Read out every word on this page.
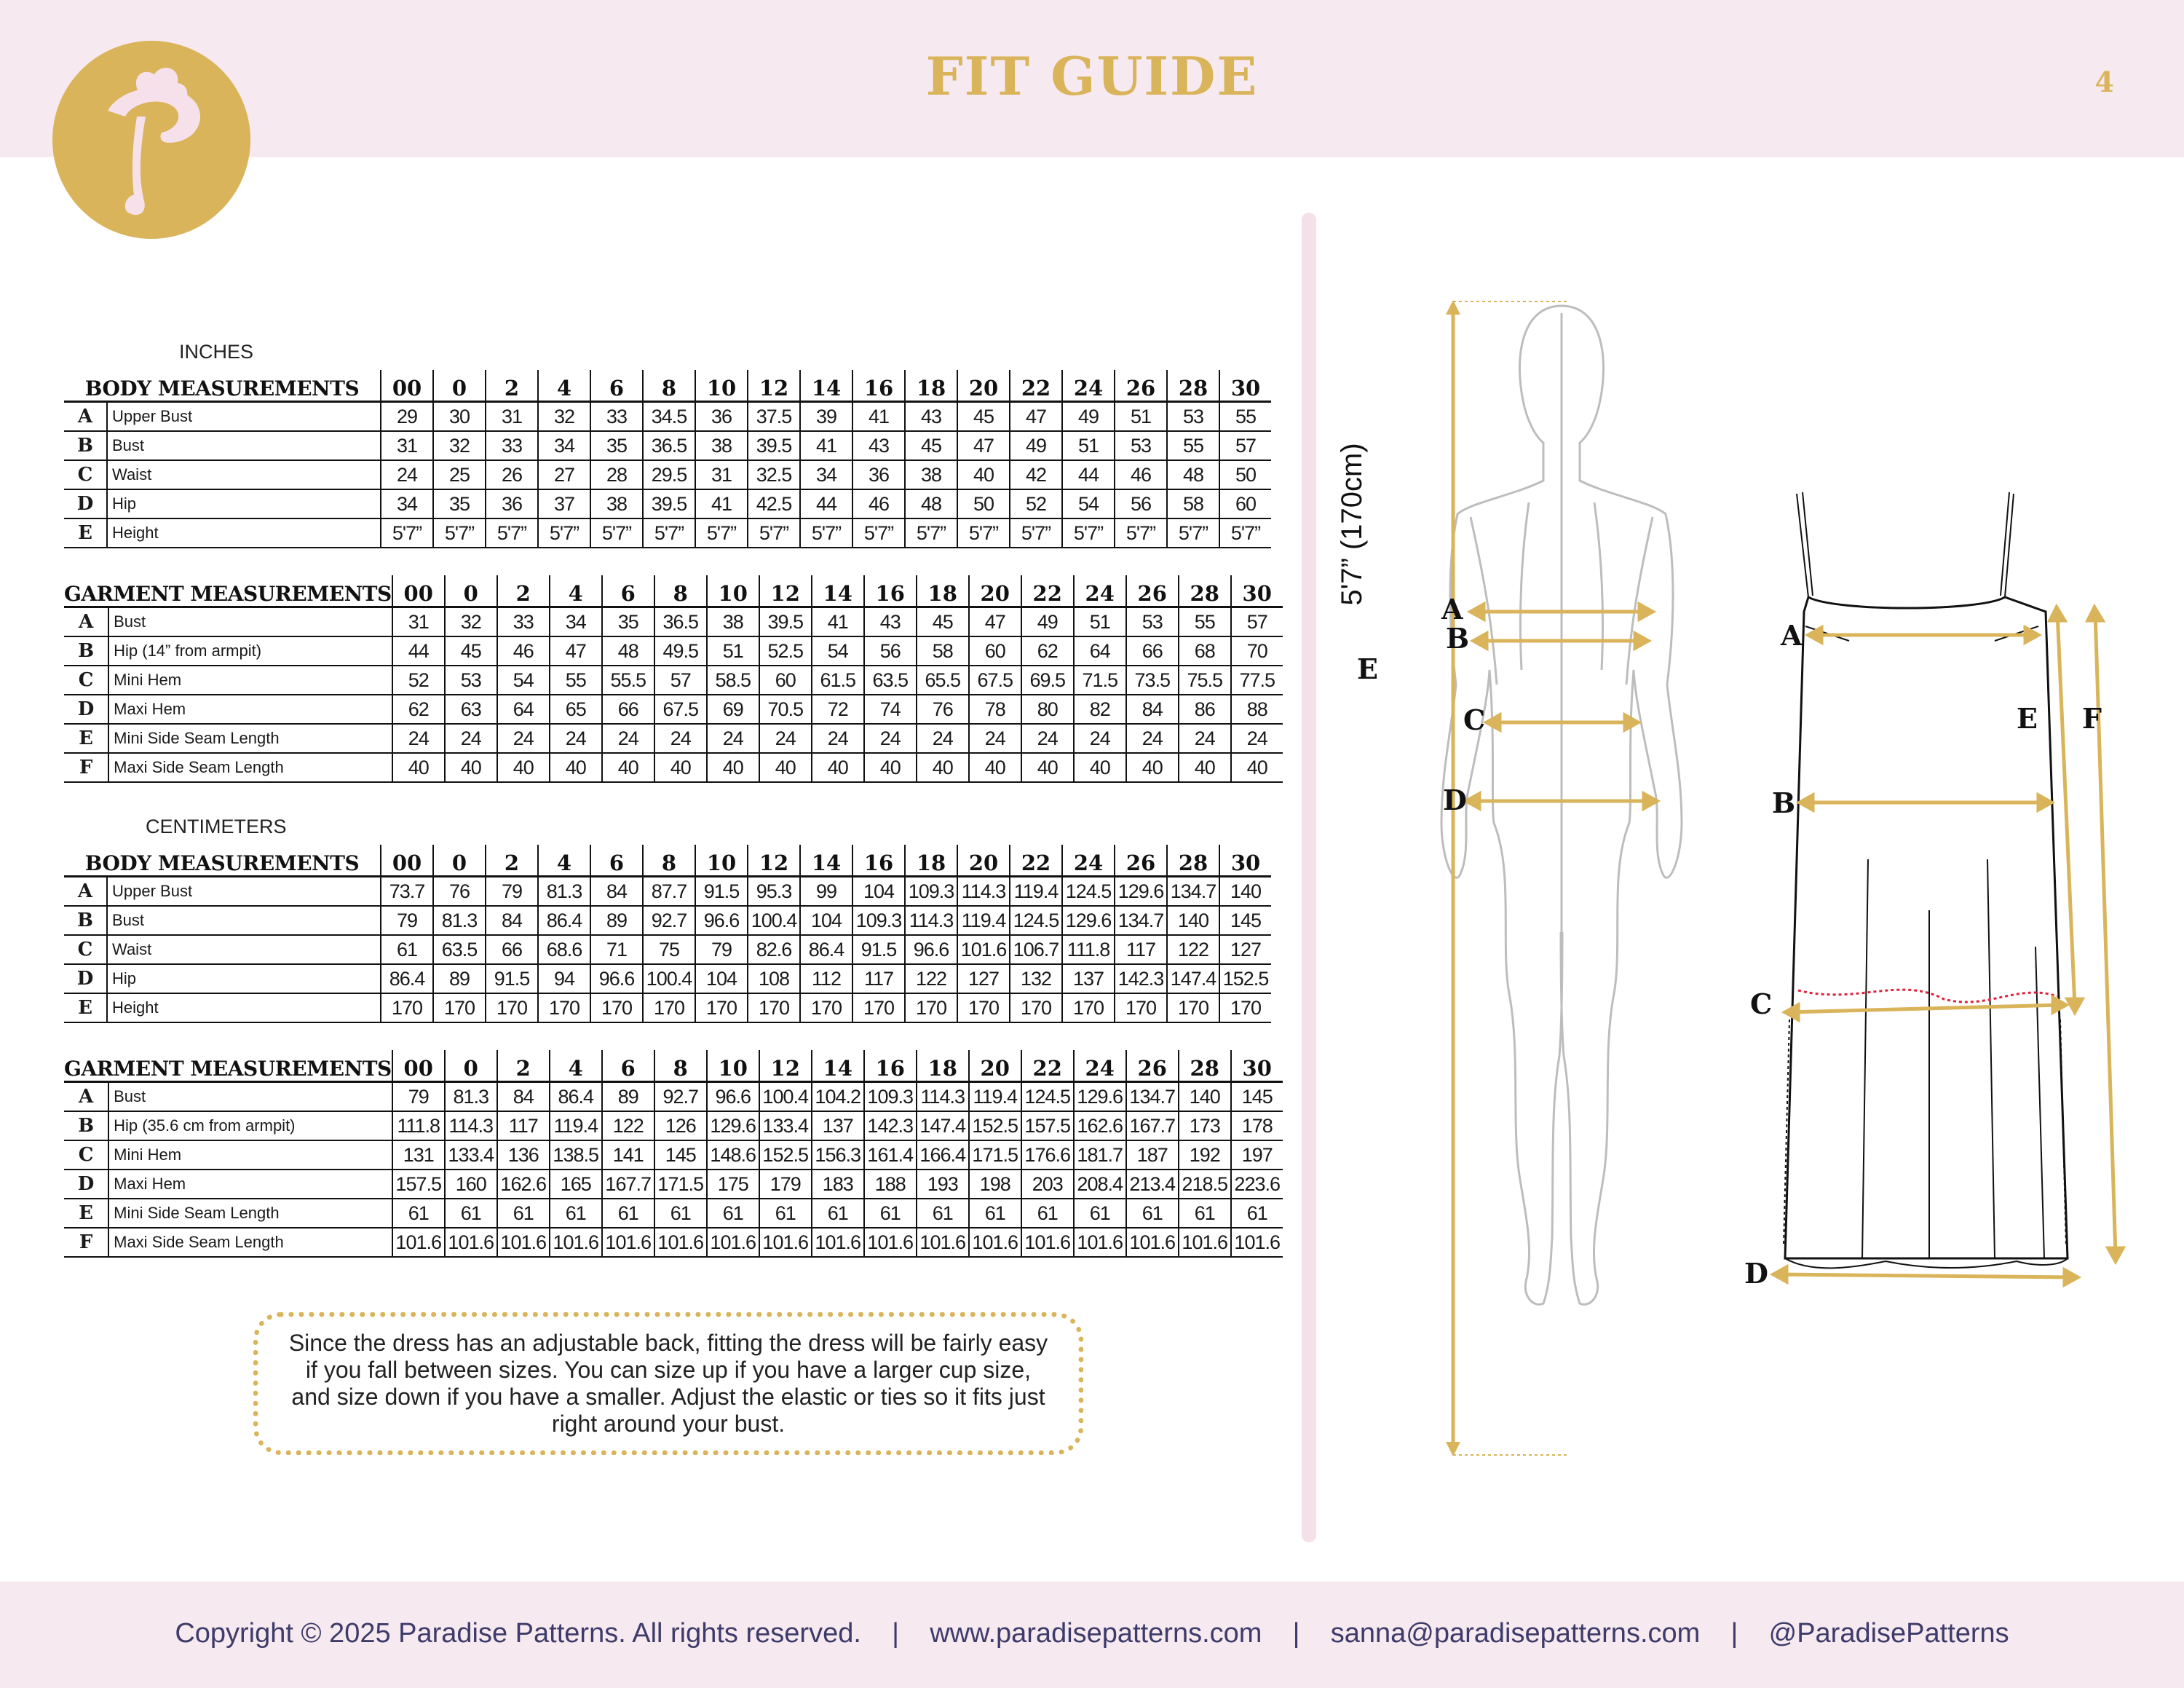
FIT GUIDE	4
INCHES
BODY MEASUREMENTS		00	0	2	4	6	8	10	12	14	16	18	20	22	24	26	28	30
A	Upper Bust	29	30	31	32	33	34.5	36	37.5	39	41	43	45	47	49	51	53	55
B	Bust	31	32	33	34	35	36.5	38	39.5	41	43	45	47	49	51	53	55	57
C	Waist	24	25	26	27	28	29.5	31	32.5	34	36	38	40	42	44	46	48	50
D	Hip	34	35	36	37	38	39.5	41	42.5	44	46	48	50	52	54	56	58	60
E	Height	5'7”	5'7”	5'7”	5'7”	5'7”	5'7”	5'7”	5'7”	5'7”	5'7”	5'7”	5'7”	5'7”	5'7”	5'7”	5'7”	5'7”
GARMENT MEASUREMENTS		00	0	2	4	6	8	10	12	14	16	18	20	22	24	26	28	30
A	Bust	31	32	33	34	35	36.5	38	39.5	41	43	45	47	49	51	53	55	57
B	Hip (14” from armpit)	44	45	46	47	48	49.5	51	52.5	54	56	58	60	62	64	66	68	70
C	Mini Hem	52	53	54	55	55.5	57	58.5	60	61.5	63.5	65.5	67.5	69.5	71.5	73.5	75.5	77.5
D	Maxi Hem	62	63	64	65	66	67.5	69	70.5	72	74	76	78	80	82	84	86	88
E	Mini Side Seam Length	24	24	24	24	24	24	24	24	24	24	24	24	24	24	24	24	24
F	Maxi Side Seam Length	40	40	40	40	40	40	40	40	40	40	40	40	40	40	40	40	40
CENTIMETERS
BODY MEASUREMENTS		00	0	2	4	6	8	10	12	14	16	18	20	22	24	26	28	30
A	Upper Bust	73.7	76	79	81.3	84	87.7	91.5	95.3	99	104	109.3	114.3	119.4	124.5	129.6	134.7	140
B	Bust	79	81.3	84	86.4	89	92.7	96.6	100.4	104	109.3	114.3	119.4	124.5	129.6	134.7	140	145
C	Waist	61	63.5	66	68.6	71	75	79	82.6	86.4	91.5	96.6	101.6	106.7	111.8	117	122	127
D	Hip	86.4	89	91.5	94	96.6	100.4	104	108	112	117	122	127	132	137	142.3	147.4	152.5
E	Height	170	170	170	170	170	170	170	170	170	170	170	170	170	170	170	170	170
GARMENT MEASUREMENTS		00	0	2	4	6	8	10	12	14	16	18	20	22	24	26	28	30
A	Bust	79	81.3	84	86.4	89	92.7	96.6	100.4	104.2	109.3	114.3	119.4	124.5	129.6	134.7	140	145
B	Hip (35.6 cm from armpit)	111.8	114.3	117	119.4	122	126	129.6	133.4	137	142.3	147.4	152.5	157.5	162.6	167.7	173	178
C	Mini Hem	131	133.4	136	138.5	141	145	148.6	152.5	156.3	161.4	166.4	171.5	176.6	181.7	187	192	197
D	Maxi Hem	157.5	160	162.6	165	167.7	171.5	175	179	183	188	193	198	203	208.4	213.4	218.5	223.6
E	Mini Side Seam Length	61	61	61	61	61	61	61	61	61	61	61	61	61	61	61	61	61
F	Maxi Side Seam Length	101.6	101.6	101.6	101.6	101.6	101.6	101.6	101.6	101.6	101.6	101.6	101.6	101.6	101.6	101.6	101.6	101.6
Since the dress has an adjustable back, fitting the dress will be fairly easy if you fall between sizes. You can size up if you have a larger cup size, and size down if you have a smaller. Adjust the elastic or ties so it fits just right around your bust.
5'7” (170cm)
E
A
B
C
D
A
B
C
D
E F
Copyright © 2025 Paradise Patterns. All rights reserved.    |    www.paradisepatterns.com    |    sanna@paradisepatterns.com    |    @ParadisePatterns
